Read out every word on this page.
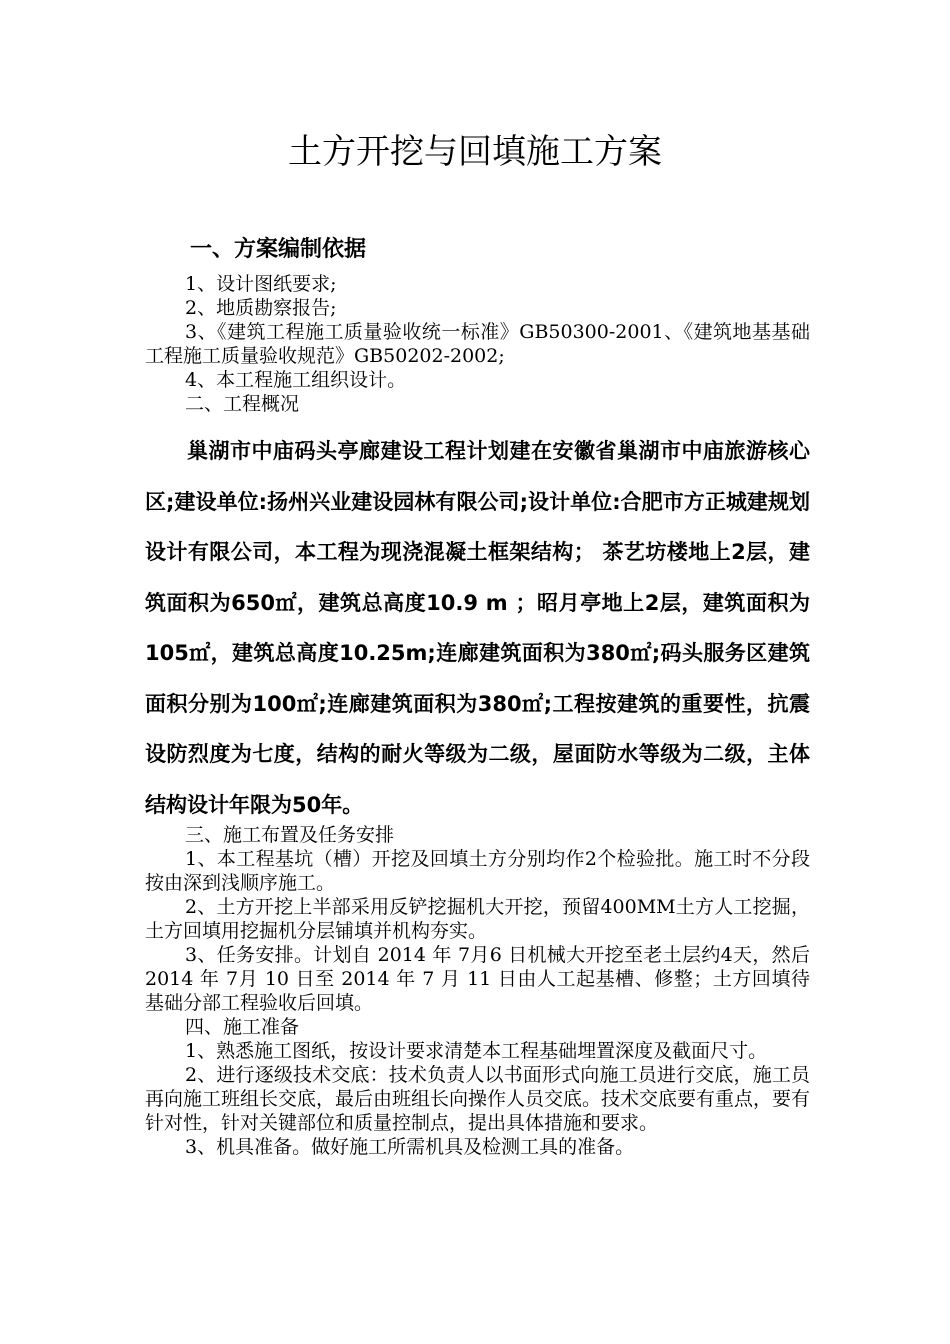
土方开挖与回填施工方案
一、方案编制依据

1、设计图纸要求;

2、地质勘察报告;

3、《建筑工程施工质量验收统一标准》GB50300-2001、《建筑地基基础工程施工质量验收规范》GB50202-2002;

4、本工程施工组织设计。

二、工程概况

巢湖市中庙码头亭廊建设工程计划建在安徽省巢湖市中庙旅游核心区;建设单位:扬州兴业建设园林有限公司;设计单位:合肥市方正城建规划设计有限公司，本工程为现浇混凝土框架结构； 茶艺坊楼地上2层，建筑面积为650㎡，建筑总高度10.9 m ；昭月亭地上2层，建筑面积为105㎡，建筑总高度10.25m;连廊建筑面积为380㎡;码头服务区建筑面积分别为100㎡;连廊建筑面积为380㎡;工程按建筑的重要性，抗震设防烈度为七度，结构的耐火等级为二级，屋面防水等级为二级，主体结构设计年限为50年。

三、施工布置及任务安排

1、本工程基坑（槽）开挖及回填土方分别均作2个检验批。施工时不分段按由深到浅顺序施工。

2、土方开挖上半部采用反铲挖掘机大开挖，预留400MM土方人工挖掘，土方回填用挖掘机分层铺填并机构夯实。

3、任务安排。计划自 2014 年 7月6 日机械大开挖至老土层约4天，然后 2014 年 7月 10 日至 2014 年 7 月 11 日由人工起基槽、修整；土方回填待基础分部工程验收后回填。

四、施工准备

1、熟悉施工图纸，按设计要求清楚本工程基础埋置深度及截面尺寸。

2、进行逐级技术交底：技术负责人以书面形式向施工员进行交底，施工员再向施工班组长交底，最后由班组长向操作人员交底。技术交底要有重点，要有针对性，针对关键部位和质量控制点，提出具体措施和要求。

3、机具准备。做好施工所需机具及检测工具的准备。
